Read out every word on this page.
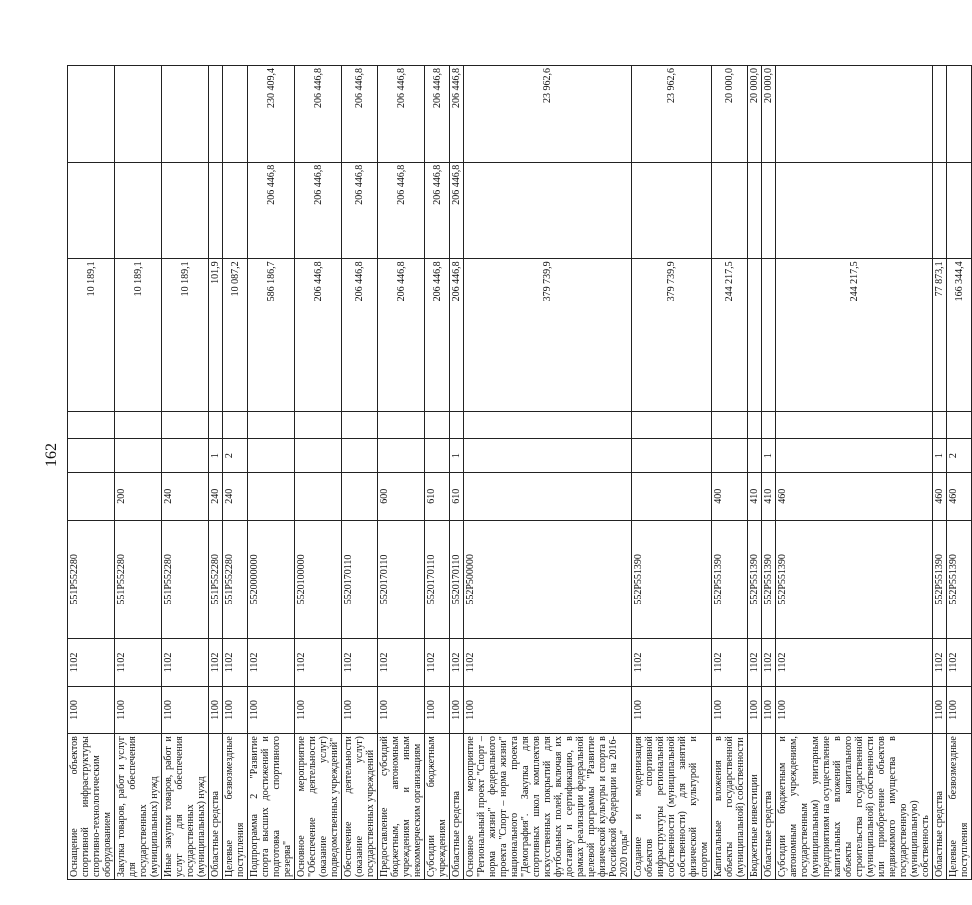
162
Оснащение объектов спортивной инфраструктуры спортивно-технологическим оборудованием	1100	1102	551P552280				10 189,1		
Закупка товаров, работ и услуг для обеспечения государственных (муниципальных) нужд	1100	1102	551P552280	200			10 189,1		
Иные закупки товаров, работ и услуг для обеспечения государственных (муниципальных) нужд	1100	1102	551P552280	240			10 189,1		
Областные средства	1100	1102	551P552280	240	1		101,9		
Целевые безвозмездные поступления	1100	1102	551P552280	240	2		10 087,2		
Подпрограмма 2 "Развитие спорта высших достижений и подготовка спортивного резерва"	1100	1102	5520000000				586 186,7	206 446,8	230 409,4
Основное мероприятие "Обеспечение деятельности (оказание услуг) подведомственных учреждений"	1100	1102	5520100000				206 446,8	206 446,8	206 446,8
Обеспечение деятельности (оказание услуг) государственных учреждений	1100	1102	5520170110				206 446,8	206 446,8	206 446,8
Предоставление субсидий бюджетным, автономным учреждениям и иным некоммерческим организациям	1100	1102	5520170110	600			206 446,8	206 446,8	206 446,8
Субсидии бюджетным учреждениям	1100	1102	5520170110	610			206 446,8	206 446,8	206 446,8
Областные средства	1100	1102	5520170110	610	1		206 446,8	206 446,8	206 446,8
Основное мероприятие "Региональный проект "Спорт – норма жизни" федерального проекта "Спорт – норма жизни" национального проекта "Демография". Закупка для спортивных школ комплектов искусственных покрытий для футбольных полей, включая их доставку и сертификацию, в рамках реализации федеральной целевой программы "Развитие физической культуры и спорта в Российской Федерации на 2016-2020 годы"	1100	1102	552P500000				379 739,9		23 962,6
Создание и модернизация объектов спортивной инфраструктуры региональной собственности (муниципальной собственности) для занятий физической культурой и спортом	1100	1102	552P551390				379 739,9		23 962,6
Капитальные вложения в объекты государственной (муниципальной) собственности	1100	1102	552P551390	400			244 217,5		20 000,0
Бюджетные инвестиции	1100	1102	552P551390	410					20 000,0
Областные средства	1100	1102	552P551390	410	1				20 000,0
Субсидии бюджетным и автономным учреждениям, государственным (муниципальным) унитарным предприятиям на осуществление капитальных вложений в объекты капитального строительства государственной (муниципальной) собственности или приобретение объектов недвижимого имущества в государственную (муниципальную) собственность	1100	1102	552P551390	460			244 217,5		
Областные средства	1100	1102	552P551390	460	1		77 873,1		
Целевые безвозмездные поступления	1100	1102	552P551390	460	2		166 344,4		
